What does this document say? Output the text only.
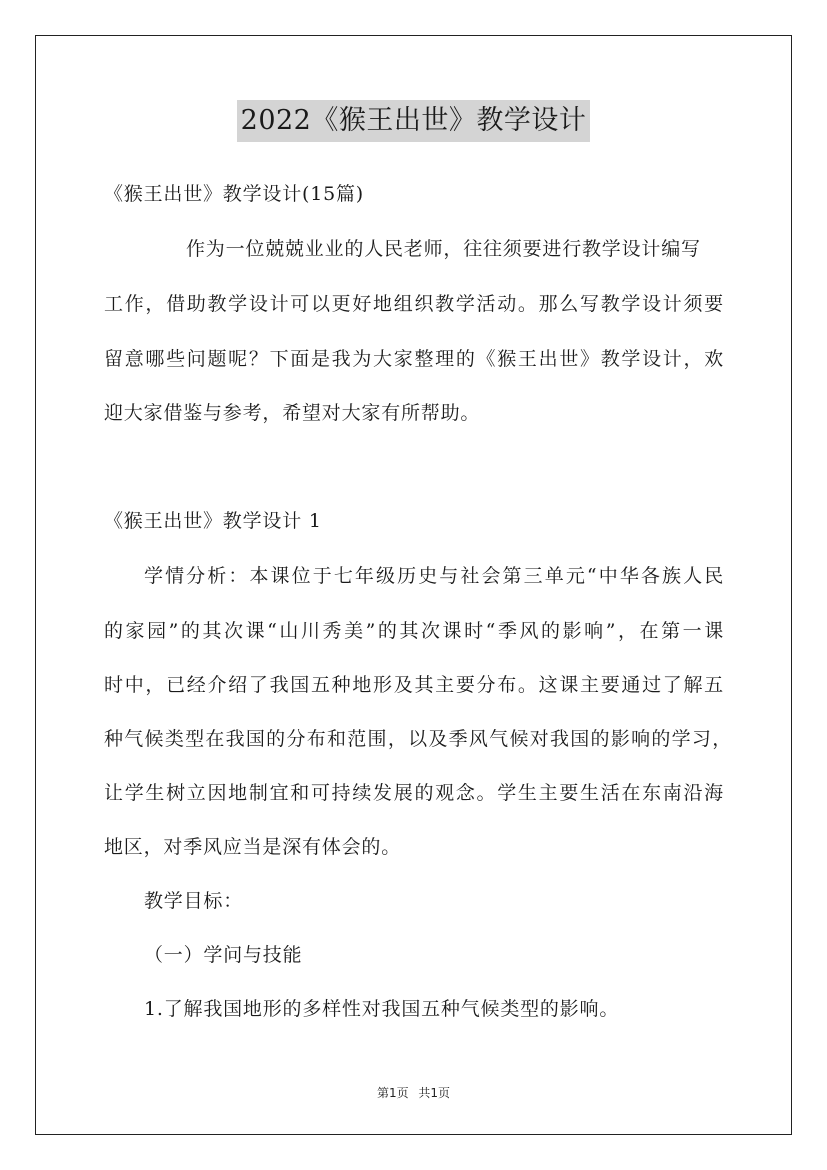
2022《猴王出世》教学设计
《猴王出世》教学设计(15篇)
作为一位兢兢业业的人民老师，往往须要进行教学设计编写
工作，借助教学设计可以更好地组织教学活动。那么写教学设计须要
留意哪些问题呢？下面是我为大家整理的《猴王出世》教学设计，欢
迎大家借鉴与参考，希望对大家有所帮助。
《猴王出世》教学设计 1
学情分析：本课位于七年级历史与社会第三单元“中华各族人民
的家园”的其次课“山川秀美”的其次课时“季风的影响”，在第一课
时中，已经介绍了我国五种地形及其主要分布。这课主要通过了解五
种气候类型在我国的分布和范围，以及季风气候对我国的影响的学习，
让学生树立因地制宜和可持续发展的观念。学生主要生活在东南沿海
地区，对季风应当是深有体会的。
教学目标：
（一）学问与技能
1.了解我国地形的多样性对我国五种气候类型的影响。
第1页 共1页
